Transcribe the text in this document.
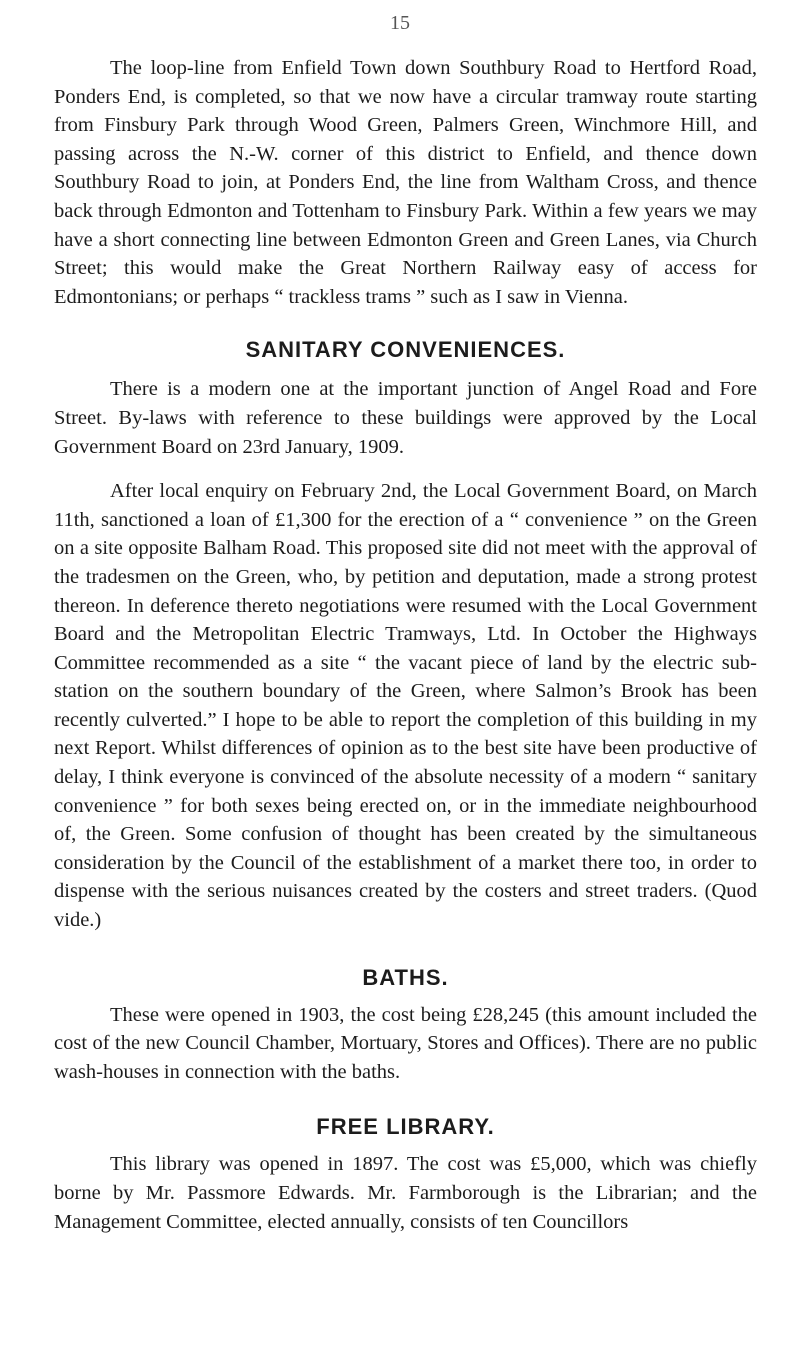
15

The loop-line from Enfield Town down Southbury Road to Hertford Road, Ponders End, is completed, so that we now have a circular tramway route starting from Finsbury Park through Wood Green, Palmers Green, Winchmore Hill, and passing across the N.-W. corner of this district to Enfield, and thence down Southbury Road to join, at Ponders End, the line from Waltham Cross, and thence back through Edmonton and Tottenham to Finsbury Park. Within a few years we may have a short connecting line between Edmonton Green and Green Lanes, via Church Street; this would make the Great Northern Railway easy of access for Edmontonians; or perhaps “ trackless trams ” such as I saw in Vienna.

SANITARY CONVENIENCES.

There is a modern one at the important junction of Angel Road and Fore Street. By-laws with reference to these buildings were approved by the Local Government Board on 23rd January, 1909.

After local enquiry on February 2nd, the Local Government Board, on March 11th, sanctioned a loan of £1,300 for the erection of a “ convenience ” on the Green on a site opposite Balham Road. This proposed site did not meet with the approval of the tradesmen on the Green, who, by petition and deputation, made a strong protest thereon. In deference thereto negotiations were resumed with the Local Government Board and the Metropolitan Electric Tramways, Ltd. In October the Highways Committee recommended as a site “ the vacant piece of land by the electric sub-station on the southern boundary of the Green, where Salmon’s Brook has been recently culverted.” I hope to be able to report the completion of this building in my next Report. Whilst differences of opinion as to the best site have been productive of delay, I think everyone is convinced of the absolute necessity of a modern “ sanitary convenience ” for both sexes being erected on, or in the immediate neighbourhood of, the Green. Some confusion of thought has been created by the simultaneous consideration by the Council of the establishment of a market there too, in order to dispense with the serious nuisances created by the costers and street traders. (Quod vide.)

BATHS.

These were opened in 1903, the cost being £28,245 (this amount included the cost of the new Council Chamber, Mortuary, Stores and Offices). There are no public wash-houses in connection with the baths.

FREE LIBRARY.

This library was opened in 1897. The cost was £5,000, which was chiefly borne by Mr. Passmore Edwards. Mr. Farmborough is the Librarian; and the Management Committee, elected annually, consists of ten Councillors
